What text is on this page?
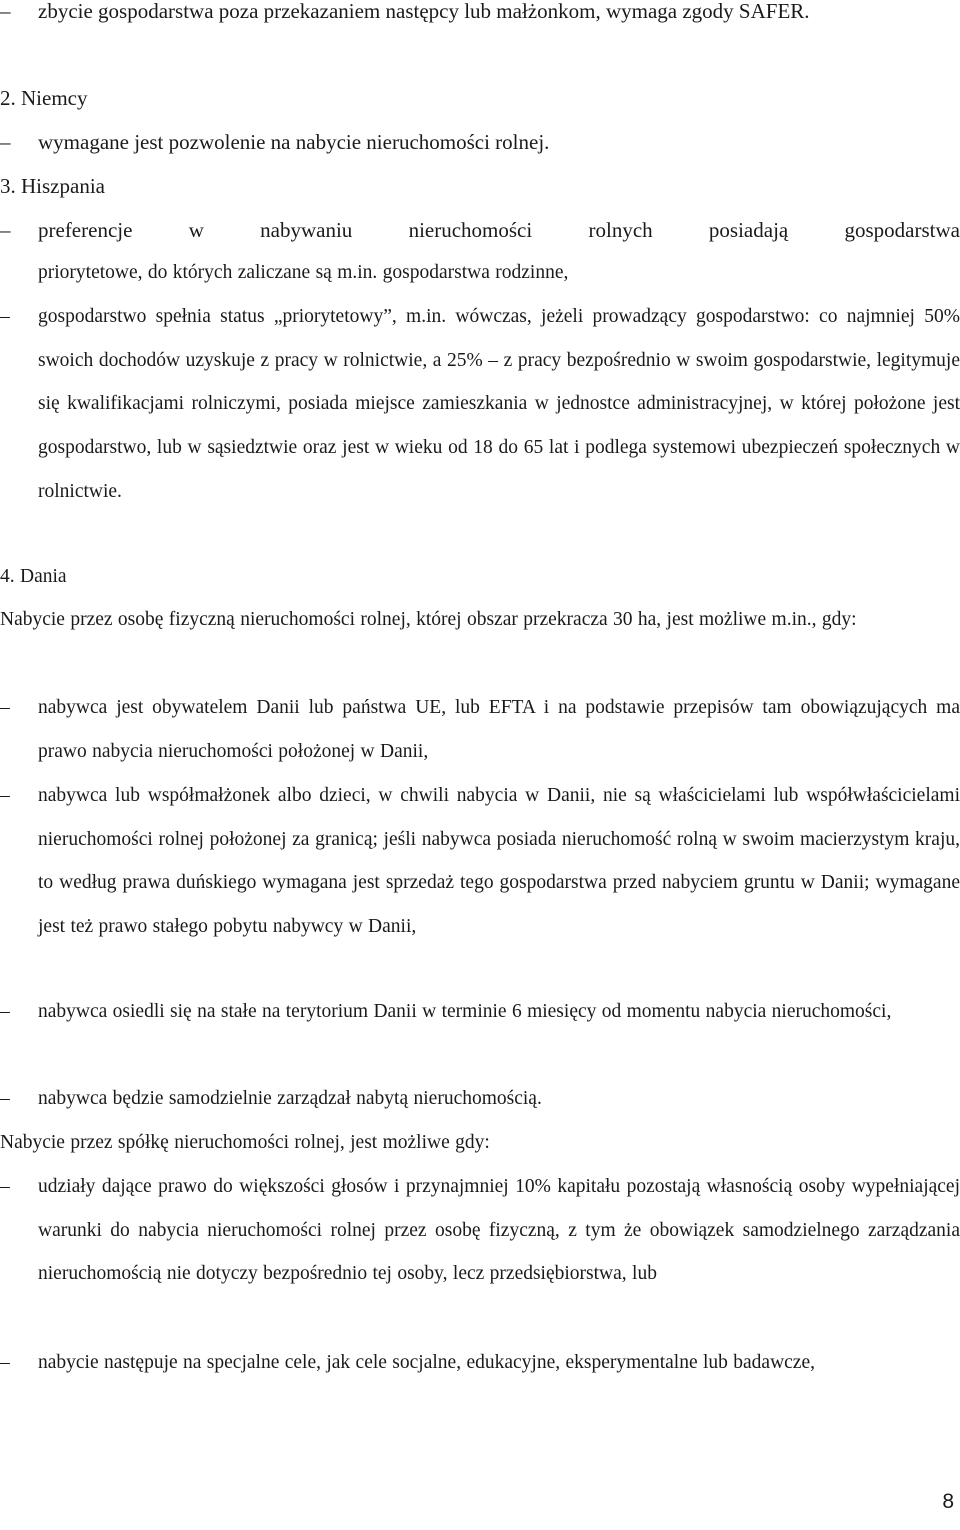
–	zbycie gospodarstwa poza przekazaniem następcy lub małżonkom, wymaga zgody SAFER.
2. Niemcy
–	wymagane jest pozwolenie na nabycie nieruchomości rolnej.
3. Hiszpania
–	preferencje w nabywaniu nieruchomości rolnych posiadają gospodarstwa
priorytetowe, do których zaliczane są m.in. gospodarstwa rodzinne,
–	gospodarstwo spełnia status „priorytetowy”, m.in. wówczas, jeżeli prowadzący gospodarstwo: co najmniej 50% swoich dochodów uzyskuje z pracy w rolnictwie, a 25% – z pracy bezpośrednio w swoim gospodarstwie, legitymuje się kwalifikacjami rolniczymi, posiada miejsce zamieszkania w jednostce administracyjnej, w której położone jest gospodarstwo, lub w sąsiedztwie oraz jest w wieku od 18 do 65 lat i podlega systemowi ubezpieczeń społecznych w rolnictwie.
4. Dania
Nabycie przez osobę fizyczną nieruchomości rolnej, której obszar przekracza 30 ha, jest możliwe m.in., gdy:
–	nabywca jest obywatelem Danii lub państwa UE, lub EFTA i na podstawie przepisów tam obowiązujących ma prawo nabycia nieruchomości położonej w Danii,
–	nabywca lub współmałżonek albo dzieci, w chwili nabycia w Danii, nie są właścicielami lub współwłaścicielami nieruchomości rolnej położonej za granicą; jeśli nabywca posiada nieruchomość rolną w swoim macierzystym kraju, to według prawa duńskiego wymagana jest sprzedaż tego gospodarstwa przed nabyciem gruntu w Danii; wymagane jest też prawo stałego pobytu nabywcy w Danii,
–	nabywca osiedli się na stałe na terytorium Danii w terminie 6 miesięcy od momentu nabycia nieruchomości,
–	nabywca będzie samodzielnie zarządzał nabytą nieruchomością.
Nabycie przez spółkę nieruchomości rolnej, jest możliwe gdy:
–	udziały dające prawo do większości głosów i przynajmniej 10% kapitału pozostają własnością osoby wypełniającej warunki do nabycia nieruchomości rolnej przez osobę fizyczną, z tym że obowiązek samodzielnego zarządzania nieruchomością nie dotyczy bezpośrednio tej osoby, lecz przedsiębiorstwa, lub
–	nabycie następuje na specjalne cele, jak cele socjalne, edukacyjne, eksperymentalne lub badawcze,
8
